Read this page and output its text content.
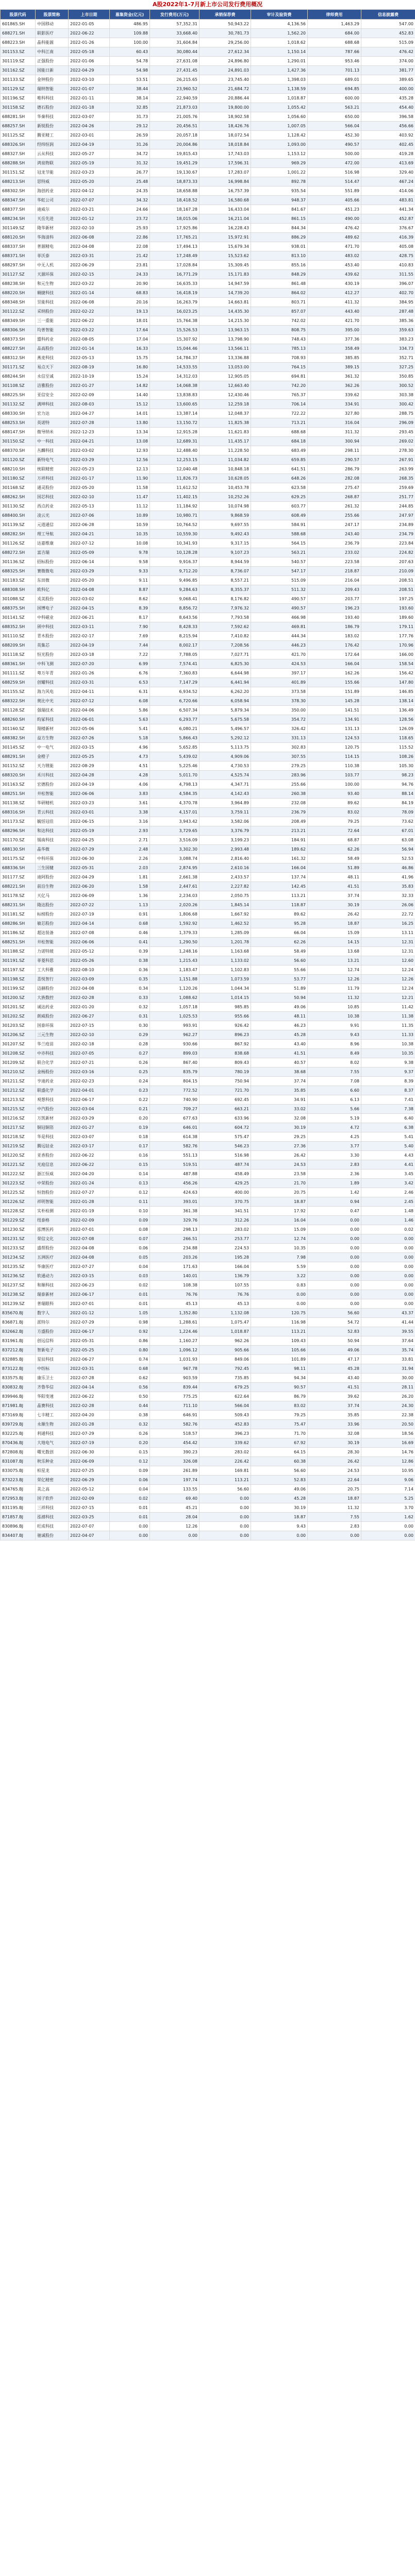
A股2022年1-7月新上市公司发行费用概况
股票代码	股票简称	上市日期	募集资金(亿元)	发行费用(万元)	承销保荐费	审计及验资费	律师费用	信息披露费
601865.SH	中国移动	2022-01-05	486.95	57,352.31	50,943.22	4,136.56	1,463.29	547.00
688271.SH	联影医疗	2022-06-22	109.88	33,668.40	30,781.73	1,562.20	684.00	452.83
688223.SH	晶科能源	2022-01-26	100.00	31,604.84	29,256.00	1,018.62	688.68	515.09
301153.SZ	中科江南	2022-05-18	60.43	30,080.44	27,612.34	1,150.14	787.66	476.42
301119.SZ	正强股份	2022-01-06	54.78	27,631.08	24,896.80	1,290.01	953.46	374.00
301162.SZ	国能日新	2022-04-29	54.98	27,431.45	24,891.03	1,427.36	701.13	381.77
301133.SZ	金钟股份	2022-03-10	53.51	26,215.65	23,745.40	1,398.03	689.01	389.65
301129.SZ	瑞纳智能	2022-01-07	38.44	23,960.52	21,684.72	1,138.59	694.85	400.00
301196.SZ	唯科科技	2022-01-11	38.14	22,940.59	20,886.44	1,018.87	600.00	435.28
301158.SZ	德石股份	2022-01-18	32.85	21,873.03	19,800.00	1,055.42	563.21	454.40
688281.SH	华秦科技	2022-03-07	31.73	21,005.76	18,902.58	1,056.60	650.00	396.58
688257.SH	新锐股份	2022-04-26	29.12	20,456.51	18,426.76	1,007.05	566.04	456.66
301125.SZ	腾亚精工	2022-03-01	26.59	20,057.18	18,072.54	1,128.42	452.30	403.92
688326.SH	经纬恒润	2022-04-19	31.26	20,004.86	18,018.84	1,093.00	490.57	402.45
688327.SH	云从科技	2022-05-27	34.72	19,815.43	17,743.03	1,153.12	500.00	419.28
688288.SH	鸿泉物联	2022-05-19	31.32	19,451.29	17,596.31	969.29	472.00	413.69
301151.SZ	冠龙节能	2022-03-23	26.77	19,130.67	17,283.07	1,001.22	516.98	329.40
688213.SH	思特威	2022-05-20	25.48	18,873.33	16,998.84	892.78	514.47	467.24
688302.SH	海创药业	2022-04-12	24.35	18,658.88	16,757.39	935.54	551.89	414.06
688347.SH	华虹公司	2022-07-07	34.32	18,418.52	16,580.68	948.37	405.66	483.81
688377.SH	迪威尔	2022-03-21	24.66	18,167.28	16,433.04	841.67	451.23	441.34
688234.SH	天岳先进	2022-01-12	23.72	18,015.06	16,211.04	861.15	490.00	452.87
301149.SZ	隆华新材	2022-02-10	25.93	17,925.86	16,228.43	844.34	476.42	376.67
688120.SH	华海清科	2022-06-08	22.86	17,765.21	15,972.91	886.29	489.62	416.39
688337.SH	普源精电	2022-04-08	22.08	17,494.13	15,679.34	938.01	471.70	405.08
688371.SH	菲沃泰	2022-03-31	21.42	17,248.49	15,523.62	813.10	483.02	428.75
688297.SH	中无人机	2022-06-29	23.81	17,028.84	15,309.45	855.16	453.40	410.83
301127.SZ	天源环保	2022-02-15	24.33	16,771.29	15,171.83	848.29	439.62	311.55
688238.SH	和元生物	2022-03-22	20.90	16,635.33	14,947.59	861.48	430.19	396.07
688220.SH	翱捷科技	2022-01-14	68.83	16,418.19	14,739.20	864.02	412.27	402.70
688348.SH	昱能科技	2022-06-08	20.16	16,263.79	14,663.81	803.71	411.32	384.95
301122.SZ	采纳股份	2022-02-22	19.13	16,023.25	14,435.30	857.07	443.40	287.48
688349.SH	三一重能	2022-06-22	18.01	15,764.38	14,215.30	742.02	421.70	385.36
688306.SH	均普智能	2022-03-22	17.64	15,526.53	13,963.15	808.75	395.00	359.63
688373.SH	盟科药业	2022-08-05	17.04	15,307.92	13,798.90	748.43	377.36	383.23
688227.SH	品高股份	2022-01-14	16.33	15,044.46	13,566.11	785.13	358.49	334.73
688312.SH	燕麦科技	2022-05-13	15.75	14,784.37	13,336.88	708.93	385.85	352.71
301171.SZ	易点天下	2022-08-19	16.80	14,533.55	13,053.00	764.15	389.15	327.25
688244.SH	永信至诚	2022-10-19	15.24	14,312.03	12,905.05	694.81	361.32	350.85
301108.SZ	洁雅股份	2022-01-27	14.82	14,068.38	12,663.40	742.20	362.26	300.52
688225.SH	亚信安全	2022-02-09	14.40	13,838.83	12,430.46	765.37	339.62	303.38
301132.SZ	满坤科技	2022-08-03	15.12	13,600.65	12,259.18	706.14	334.91	300.42
688330.SH	宏力达	2022-04-27	14.01	13,387.14	12,048.37	722.22	327.80	288.75
688253.SH	英诺特	2022-07-28	13.80	13,150.72	11,825.38	713.21	316.04	296.09
688147.SH	微导纳米	2022-12-23	13.34	12,915.28	11,621.83	688.68	311.32	293.45
301150.SZ	中一科技	2022-04-21	13.08	12,689.31	11,435.17	684.18	300.94	269.02
688370.SH	丛麟科技	2022-03-02	12.93	12,488.40	11,228.50	683.49	298.11	278.30
301120.SZ	新特电气	2022-03-29	12.56	12,253.15	11,034.82	659.85	290.57	267.91
688210.SH	统联精密	2022-05-23	12.13	12,040.48	10,848.18	641.51	286.79	263.99
301180.SZ	万祥科技	2022-01-17	11.90	11,826.73	10,628.05	648.26	282.08	268.35
301168.SZ	通灵股份	2022-05-20	11.58	11,612.52	10,453.78	623.58	275.47	259.69
688262.SH	国芯科技	2022-02-10	11.47	11,402.15	10,252.26	629.25	268.87	251.77
301130.SZ	西点药业	2022-05-13	11.12	11,184.92	10,074.98	603.77	261.32	244.85
688400.SH	凌云光	2022-07-06	10.89	10,980.71	9,868.59	608.49	255.66	247.97
301139.SZ	元道通信	2022-06-28	10.59	10,764.52	9,697.55	584.91	247.17	234.89
688282.SH	理工导航	2022-04-21	10.35	10,559.30	9,492.43	588.68	243.40	234.79
301126.SZ	达嘉维康	2022-07-12	10.08	10,341.93	9,317.15	564.15	236.79	223.84
688272.SH	富吉瑞	2022-05-09	9.78	10,128.28	9,107.23	563.21	233.02	224.82
301136.SZ	招标股份	2022-06-14	9.58	9,916.37	8,944.59	540.57	223.58	207.63
688325.SH	赛微微电	2022-03-29	9.33	9,712.20	8,736.07	547.17	218.87	210.09
301183.SZ	东田微	2022-05-20	9.11	9,496.85	8,557.21	515.09	216.04	208.51
688308.SH	欧科亿	2022-04-08	8.87	9,284.63	8,355.37	511.32	209.43	208.51
301088.SZ	戎美股份	2022-03-02	8.62	9,068.41	8,176.82	490.57	203.77	197.25
688375.SH	国博电子	2022-04-15	8.39	8,856.72	7,976.32	490.57	196.23	193.60
301141.SZ	中科磁业	2022-06-21	8.17	8,643.56	7,793.58	466.98	193.40	189.60
688352.SH	颀中科技	2022-03-11	7.90	8,428.33	7,592.62	469.81	186.79	179.11
301110.SZ	青木股份	2022-02-17	7.69	8,215.94	7,410.82	444.34	183.02	177.76
688209.SH	英集芯	2022-04-19	7.44	8,002.17	7,208.56	446.23	176.42	170.96
301118.SZ	恒光股份	2022-03-18	7.22	7,788.05	7,027.71	421.70	172.64	166.00
688361.SH	中科飞测	2022-07-20	6.99	7,574.41	6,825.30	424.53	166.04	158.54
301111.SZ	粤万年青	2022-01-26	6.76	7,360.83	6,644.98	397.17	162.26	156.42
688259.SH	创耀科技	2022-03-31	6.53	7,147.29	6,441.94	401.89	155.66	147.80
301155.SZ	海力风电	2022-04-11	6.31	6,934.52	6,262.20	373.58	151.89	146.85
688322.SH	奥比中光	2022-07-12	6.08	6,720.66	6,058.94	378.30	145.28	138.14
301128.SZ	强瑞技术	2022-04-06	5.86	6,507.34	5,879.34	350.00	141.51	136.49
688260.SH	昀冢科技	2022-06-01	5.63	6,293.77	5,675.58	354.72	134.91	128.56
301160.SZ	翔楼新材	2022-05-06	5.41	6,080.21	5,496.57	326.42	131.13	126.09
688382.SH	益方生物	2022-07-26	5.18	5,866.43	5,292.12	331.13	124.53	118.65
301145.SZ	中一电气	2022-03-15	4.96	5,652.85	5,113.75	302.83	120.75	115.52
688291.SH	金橙子	2022-05-25	4.73	5,439.02	4,909.06	307.55	114.15	108.26
301152.SZ	天力锂能	2022-08-29	4.51	5,225.46	4,730.53	279.25	110.38	105.30
688320.SH	禾川科技	2022-04-28	4.28	5,011.70	4,525.74	283.96	103.77	98.23
301163.SZ	宏德股份	2022-04-19	4.06	4,798.13	4,347.71	255.66	100.00	94.76
688251.SH	井松智能	2022-06-06	3.83	4,584.35	4,142.43	260.38	93.40	88.14
301138.SZ	华研精机	2022-03-23	3.61	4,370.78	3,964.89	232.08	89.62	84.19
688316.SH	青云科技	2022-03-01	3.38	4,157.01	3,759.11	236.79	83.02	78.09
301173.SZ	毓恬冠佳	2022-06-15	3.16	3,943.42	3,582.06	208.49	79.25	73.62
688296.SH	和达科技	2022-05-19	2.93	3,729.65	3,376.79	213.21	72.64	67.01
301170.SZ	锡南科技	2022-04-25	2.71	3,516.09	3,199.23	184.91	68.87	63.08
688130.SH	晶华微	2022-07-29	2.48	3,302.30	2,993.48	189.62	62.26	56.94
301175.SZ	中科环保	2022-06-30	2.26	3,088.74	2,816.40	161.32	58.49	52.53
688336.SH	三生国健	2022-05-31	2.03	2,874.95	2,610.16	166.04	51.89	46.86
301177.SZ	迪阿股份	2022-04-29	1.81	2,661.38	2,433.57	137.74	48.11	41.96
688221.SH	前沿生物	2022-06-20	1.58	2,447.61	2,227.82	142.45	41.51	35.83
301178.SZ	天亿马	2022-06-09	1.36	2,234.03	2,050.75	113.21	37.74	32.33
688231.SH	隆达股份	2022-07-22	1.13	2,020.26	1,845.14	118.87	30.19	26.06
301181.SZ	标榜股份	2022-07-19	0.91	1,806.68	1,667.92	89.62	26.42	22.72
688286.SH	敏芯股份	2022-04-14	0.68	1,592.92	1,462.52	95.28	18.87	16.25
301186.SZ	超达装备	2022-07-08	0.46	1,379.33	1,285.09	66.04	15.09	13.11
688251.SH	井松智能	2022-06-06	0.41	1,290.50	1,201.78	62.26	14.15	12.31
301188.SZ	力诺特玻	2022-05-12	0.39	1,248.16	1,163.68	58.49	13.68	12.31
301191.SZ	菲菱科思	2022-05-26	0.38	1,215.43	1,133.02	56.60	13.21	12.60
301197.SZ	工大科雅	2022-08-10	0.36	1,183.47	1,102.83	55.66	12.74	12.24
301198.SZ	喜悦智行	2022-03-09	0.35	1,151.88	1,073.59	53.77	12.26	12.26
301199.SZ	迈赫股份	2022-04-08	0.34	1,120.26	1,044.34	51.89	11.79	12.24
301200.SZ	大族数控	2022-02-28	0.33	1,088.62	1,014.15	50.94	11.32	12.21
301201.SZ	诚达药业	2022-01-20	0.32	1,057.18	985.85	49.06	10.85	11.42
301202.SZ	朗威股份	2022-06-27	0.31	1,025.53	955.66	48.11	10.38	11.38
301203.SZ	国泰环保	2022-07-15	0.30	993.91	926.42	46.23	9.91	11.35
301206.SZ	三元生物	2022-02-10	0.29	962.27	896.23	45.28	9.43	11.33
301207.SZ	华兰疫苗	2022-02-18	0.28	930.66	867.92	43.40	8.96	10.38
301208.SZ	中亦科技	2022-07-05	0.27	899.03	838.68	41.51	8.49	10.35
301209.SZ	联合化学	2022-07-21	0.26	867.40	809.43	40.57	8.02	9.38
301210.SZ	金杨股份	2022-03-16	0.25	835.79	780.19	38.68	7.55	9.37
301211.SZ	亨迪药业	2022-02-23	0.24	804.15	750.94	37.74	7.08	8.39
301212.SZ	联盛化学	2022-04-01	0.23	772.52	721.70	35.85	6.60	8.37
301213.SZ	观想科技	2022-06-17	0.22	740.90	692.45	34.91	6.13	7.41
301215.SZ	中汽股份	2022-03-04	0.21	709.27	663.21	33.02	5.66	7.38
301216.SZ	万凯新材	2022-03-29	0.20	677.63	633.96	32.08	5.19	6.40
301217.SZ	铜冠铜箔	2022-01-27	0.19	646.01	604.72	30.19	4.72	6.38
301218.SZ	华是科技	2022-03-07	0.18	614.38	575.47	29.25	4.25	5.41
301219.SZ	腾远钴业	2022-03-17	0.17	582.76	546.23	27.36	3.77	5.40
301220.SZ	亚香股份	2022-06-22	0.16	551.13	516.98	26.42	3.30	4.43
301221.SZ	光庭信息	2022-06-22	0.15	519.51	487.74	24.53	2.83	4.41
301222.SZ	浙江恒威	2022-04-20	0.14	487.88	458.49	23.58	2.36	3.45
301223.SZ	中荣股份	2022-01-24	0.13	456.26	429.25	21.70	1.89	3.42
301225.SZ	恒勃股份	2022-07-27	0.12	424.63	400.00	20.75	1.42	2.46
301226.SZ	祥明智能	2022-01-28	0.11	393.01	370.75	18.87	0.94	2.45
301228.SZ	实朴检测	2022-01-19	0.10	361.38	341.51	17.92	0.47	1.48
301229.SZ	纽泰格	2022-02-09	0.09	329.76	312.26	16.04	0.00	1.46
301230.SZ	泓博医药	2022-07-01	0.08	298.13	283.02	15.09	0.00	0.02
301231.SZ	荣信文化	2022-07-08	0.07	266.51	253.77	12.74	0.00	0.00
301233.SZ	盛帮股份	2022-04-08	0.06	234.88	224.53	10.35	0.00	0.00
301234.SZ	五洲医疗	2022-04-08	0.05	203.26	195.28	7.98	0.00	0.00
301235.SZ	华康医疗	2022-07-27	0.04	171.63	166.04	5.59	0.00	0.00
301236.SZ	软通动力	2022-03-15	0.03	140.01	136.79	3.22	0.00	0.00
301237.SZ	和顺科技	2022-06-23	0.02	108.38	107.55	0.83	0.00	0.00
301238.SZ	瑞泰新材	2022-06-17	0.01	76.76	76.76	0.00	0.00	0.00
301239.SZ	普瑞眼科	2022-07-01	0.01	45.13	45.13	0.00	0.00	0.00
835670.BJ	数字人	2022-01-12	1.05	1,352.80	1,132.08	120.75	56.60	43.37
836871.BJ	派特尔	2022-07-29	0.98	1,288.61	1,075.47	116.98	54.72	41.44
832662.BJ	方盛股份	2022-06-17	0.92	1,224.46	1,018.87	113.21	52.83	39.55
831961.BJ	创远信科	2022-05-31	0.86	1,160.27	962.26	109.43	50.94	37.64
837212.BJ	智新电子	2022-05-25	0.80	1,096.12	905.66	105.66	49.06	35.74
832885.BJ	星辰科技	2022-06-27	0.74	1,031.93	849.06	101.89	47.17	33.81
873122.BJ	中纺标	2022-03-31	0.68	967.78	792.45	98.11	45.28	31.94
833575.BJ	康乐卫士	2022-07-28	0.62	903.59	735.85	94.34	43.40	30.00
830832.BJ	齐鲁华信	2022-04-14	0.56	839.44	679.25	90.57	41.51	28.11
839946.BJ	华阳变速	2022-06-22	0.50	775.25	622.64	86.79	39.62	26.20
871981.BJ	晶赛科技	2022-02-28	0.44	711.10	566.04	83.02	37.74	24.30
873169.BJ	七丰精工	2022-04-20	0.38	646.91	509.43	79.25	35.85	22.38
839729.BJ	永顺生物	2022-01-28	0.32	582.76	452.83	75.47	33.96	20.50
832225.BJ	利通科技	2022-07-29	0.26	518.57	396.23	71.70	32.08	18.56
870436.BJ	大地电气	2022-07-19	0.20	454.42	339.62	67.92	30.19	16.69
872808.BJ	曙光数创	2022-06-30	0.15	390.23	283.02	64.15	28.30	14.76
831087.BJ	秋乐种业	2022-06-09	0.12	326.08	226.42	60.38	26.42	12.86
833075.BJ	柏星龙	2022-07-25	0.09	261.89	169.81	56.60	24.53	10.95
873223.BJ	荣亿精密	2022-06-29	0.06	197.74	113.21	52.83	22.64	9.06
834765.BJ	美之高	2022-05-12	0.04	133.55	56.60	49.06	20.75	7.14
872953.BJ	国子软件	2022-02-09	0.02	69.40	0.00	45.28	18.87	5.25
831195.BJ	三祥科技	2022-07-15	0.01	45.21	0.00	30.19	11.32	3.70
871857.BJ	泓禧科技	2022-03-25	0.01	28.04	0.00	18.87	7.55	1.62
830896.BJ	旺成科技	2022-07-07	0.00	12.26	0.00	9.43	2.83	0.00
834407.BJ	驰诚股份	2022-04-07	0.00	0.00	0.00	0.00	0.00	0.00
